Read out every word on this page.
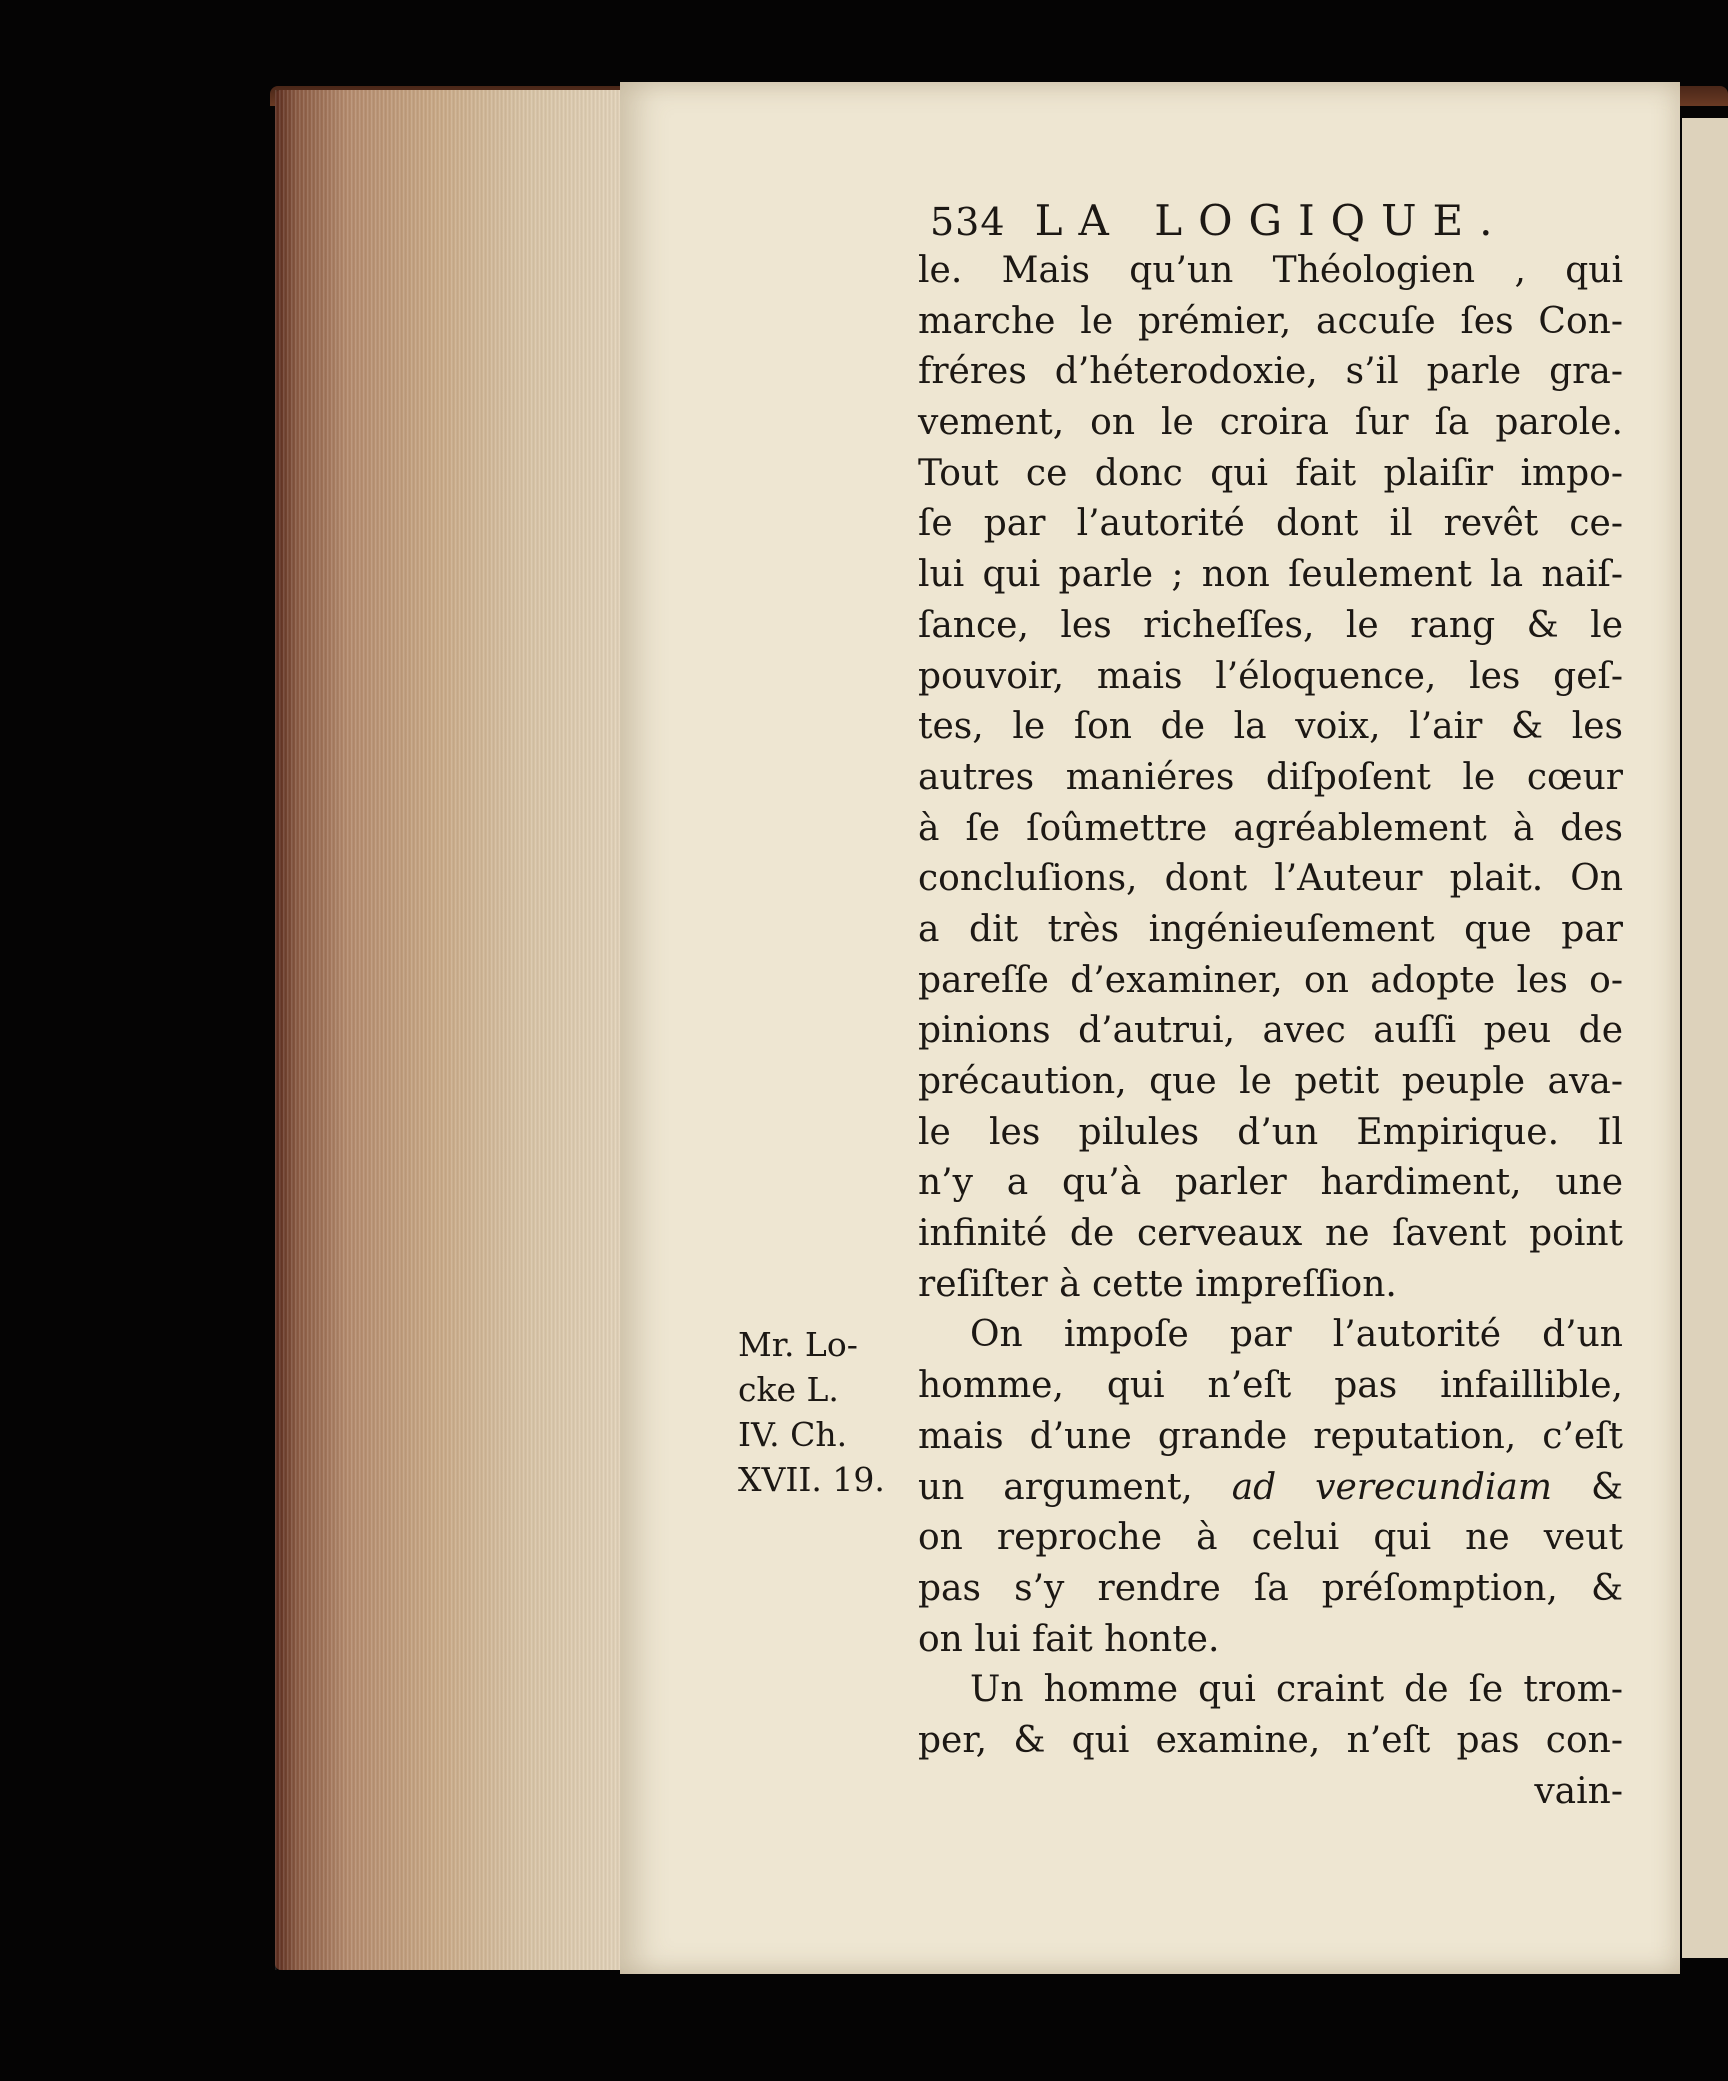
534 LA LOGIQUE.
le. Mais qu’un Théologien , qui
marche le prémier, accuſe ſes Con-
fréres d’héterodoxie, s’il parle gra-
vement, on le croira ſur ſa parole.
Tout ce donc qui fait plaiſir impo-
ſe par l’autorité dont il revêt ce-
lui qui parle ; non ſeulement la naiſ-
ſance, les richeſſes, le rang & le
pouvoir, mais l’éloquence, les geſ-
tes, le ſon de la voix, l’air & les
autres maniéres diſpoſent le cœur
à ſe ſoûmettre agréablement à des
concluſions, dont l’Auteur plait. On
a dit très ingénieuſement que par
pareſſe d’examiner, on adopte les o-
pinions d’autrui, avec auſſi peu de
précaution, que le petit peuple ava-
le les pilules d’un Empirique. Il
n’y a qu’à parler hardiment, une
infinité de cerveaux ne ſavent point
reſiſter à cette impreſſion.
On impoſe par l’autorité d’un
homme, qui n’eſt pas infaillible,
mais d’une grande reputation, c’eſt
un argument, ad verecundiam &
on reproche à celui qui ne veut
pas s’y rendre ſa préſomption, &
on lui fait honte.
Un homme qui craint de ſe trom-
per, & qui examine, n’eſt pas con-
vain-
Mr. Lo-
cke L.
IV. Ch.
XVII. 19.
